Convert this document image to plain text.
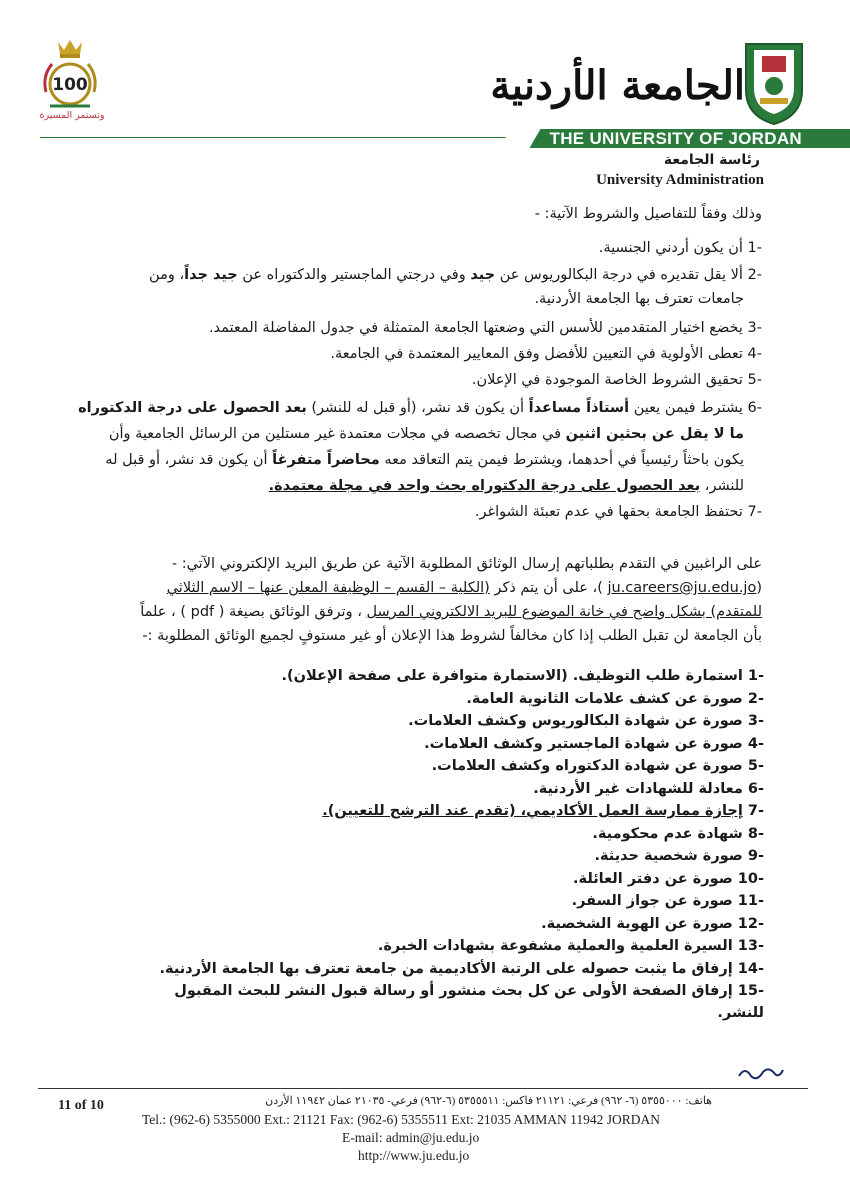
100
وتستمر المسيرة
الجامعة الأردنية
THE UNIVERSITY OF JORDAN
رئاسة الجامعة
University Administration
وذلك وفقاً للتفاصيل والشروط الآتية: -
-1 أن يكون أردني الجنسية.
-2 ألا يقل تقديره في درجة البكالوريوس عن جيد وفي درجتي الماجستير والدكتوراه عن جيد جداً، ومن
جامعات تعترف بها الجامعة الأردنية.
-3 يخضع اختيار المتقدمين للأسس التي وضعتها الجامعة المتمثلة في جدول المفاضلة المعتمد.
-4 تعطى الأولوية في التعيين للأفضل وفق المعايير المعتمدة في الجامعة.
-5 تحقيق الشروط الخاصة الموجودة في الإعلان.
-6 يشترط فيمن يعين أستاذاً مساعداً أن يكون قد نشر، (أو قبل له للنشر) بعد الحصول على درجة الدكتوراه
ما لا يقل عن بحثين اثنين في مجال تخصصه في مجلات معتمدة غير مستلين من الرسائل الجامعية وأن
يكون باحثاً رئيسياً في أحدهما، ويشترط فيمن يتم التعاقد معه محاضراً متفرغاً أن يكون قد نشر، أو قبل له
للنشر، بعد الحصول على درجة الدكتوراه بحث واحد في مجلة معتمدة.
-7 تحتفظ الجامعة بحقها في عدم تعبئة الشواغر.
على الراغبين في التقدم بطلباتهم إرسال الوثائق المطلوبة الآتية عن طريق البريد الإلكتروني الآتي: -
(ju.careers@ju.edu.jo )، على أن يتم ذكر (الكلية – القسم – الوظيفة المعلن عنها – الاسم الثلاثي
للمتقدم) بشكل واضح في خانة الموضوع للبريد الالكتروني المرسل ، وترفق الوثائق بصيغة ( pdf ) ، علماً
بأن الجامعة لن تقبل الطلب إذا كان مخالفاً لشروط هذا الإعلان أو غير مستوفٍ لجميع الوثائق المطلوبة :-
-1 استمارة طلب التوظيف. (الاستمارة متوافرة على صفحة الإعلان).
-2 صورة عن كشف علامات الثانوية العامة.
-3 صورة عن شهادة البكالوريوس وكشف العلامات.
-4 صورة عن شهادة الماجستير وكشف العلامات.
-5 صورة عن شهادة الدكتوراه وكشف العلامات.
-6 معادلة للشهادات غير الأردنية.
-7 إجازة ممارسة العمل الأكاديمي، (تقدم عند الترشح للتعيين).
-8 شهادة عدم محكومية.
-9 صورة شخصية حديثة.
-10 صورة عن دفتر العائلة.
-11 صورة عن جواز السفر.
-12 صورة عن الهوية الشخصية.
-13 السيرة العلمية والعملية مشفوعة بشهادات الخبرة.
-14 إرفاق ما يثبت حصوله على الرتبة الأكاديمية من جامعة تعترف بها الجامعة الأردنية.
-15 إرفاق الصفحة الأولى عن كل بحث منشور أو رسالة قبول النشر للبحث المقبول للنشر.
هاتف: ٥٣٥٥٠٠٠ (٦- ٩٦٢) فرعي: ٢١١٢١ فاكس: ٥٣٥٥٥١١ (٦-٩٦٢) فرعي- ٢١٠٣٥ عمان ١١٩٤٢ الأردن
11 of 10
Tel.: (962-6) 5355000 Ext.: 21121 Fax: (962-6) 5355511 Ext: 21035 AMMAN 11942 JORDAN
E-mail: admin@ju.edu.jo
http://www.ju.edu.jo
